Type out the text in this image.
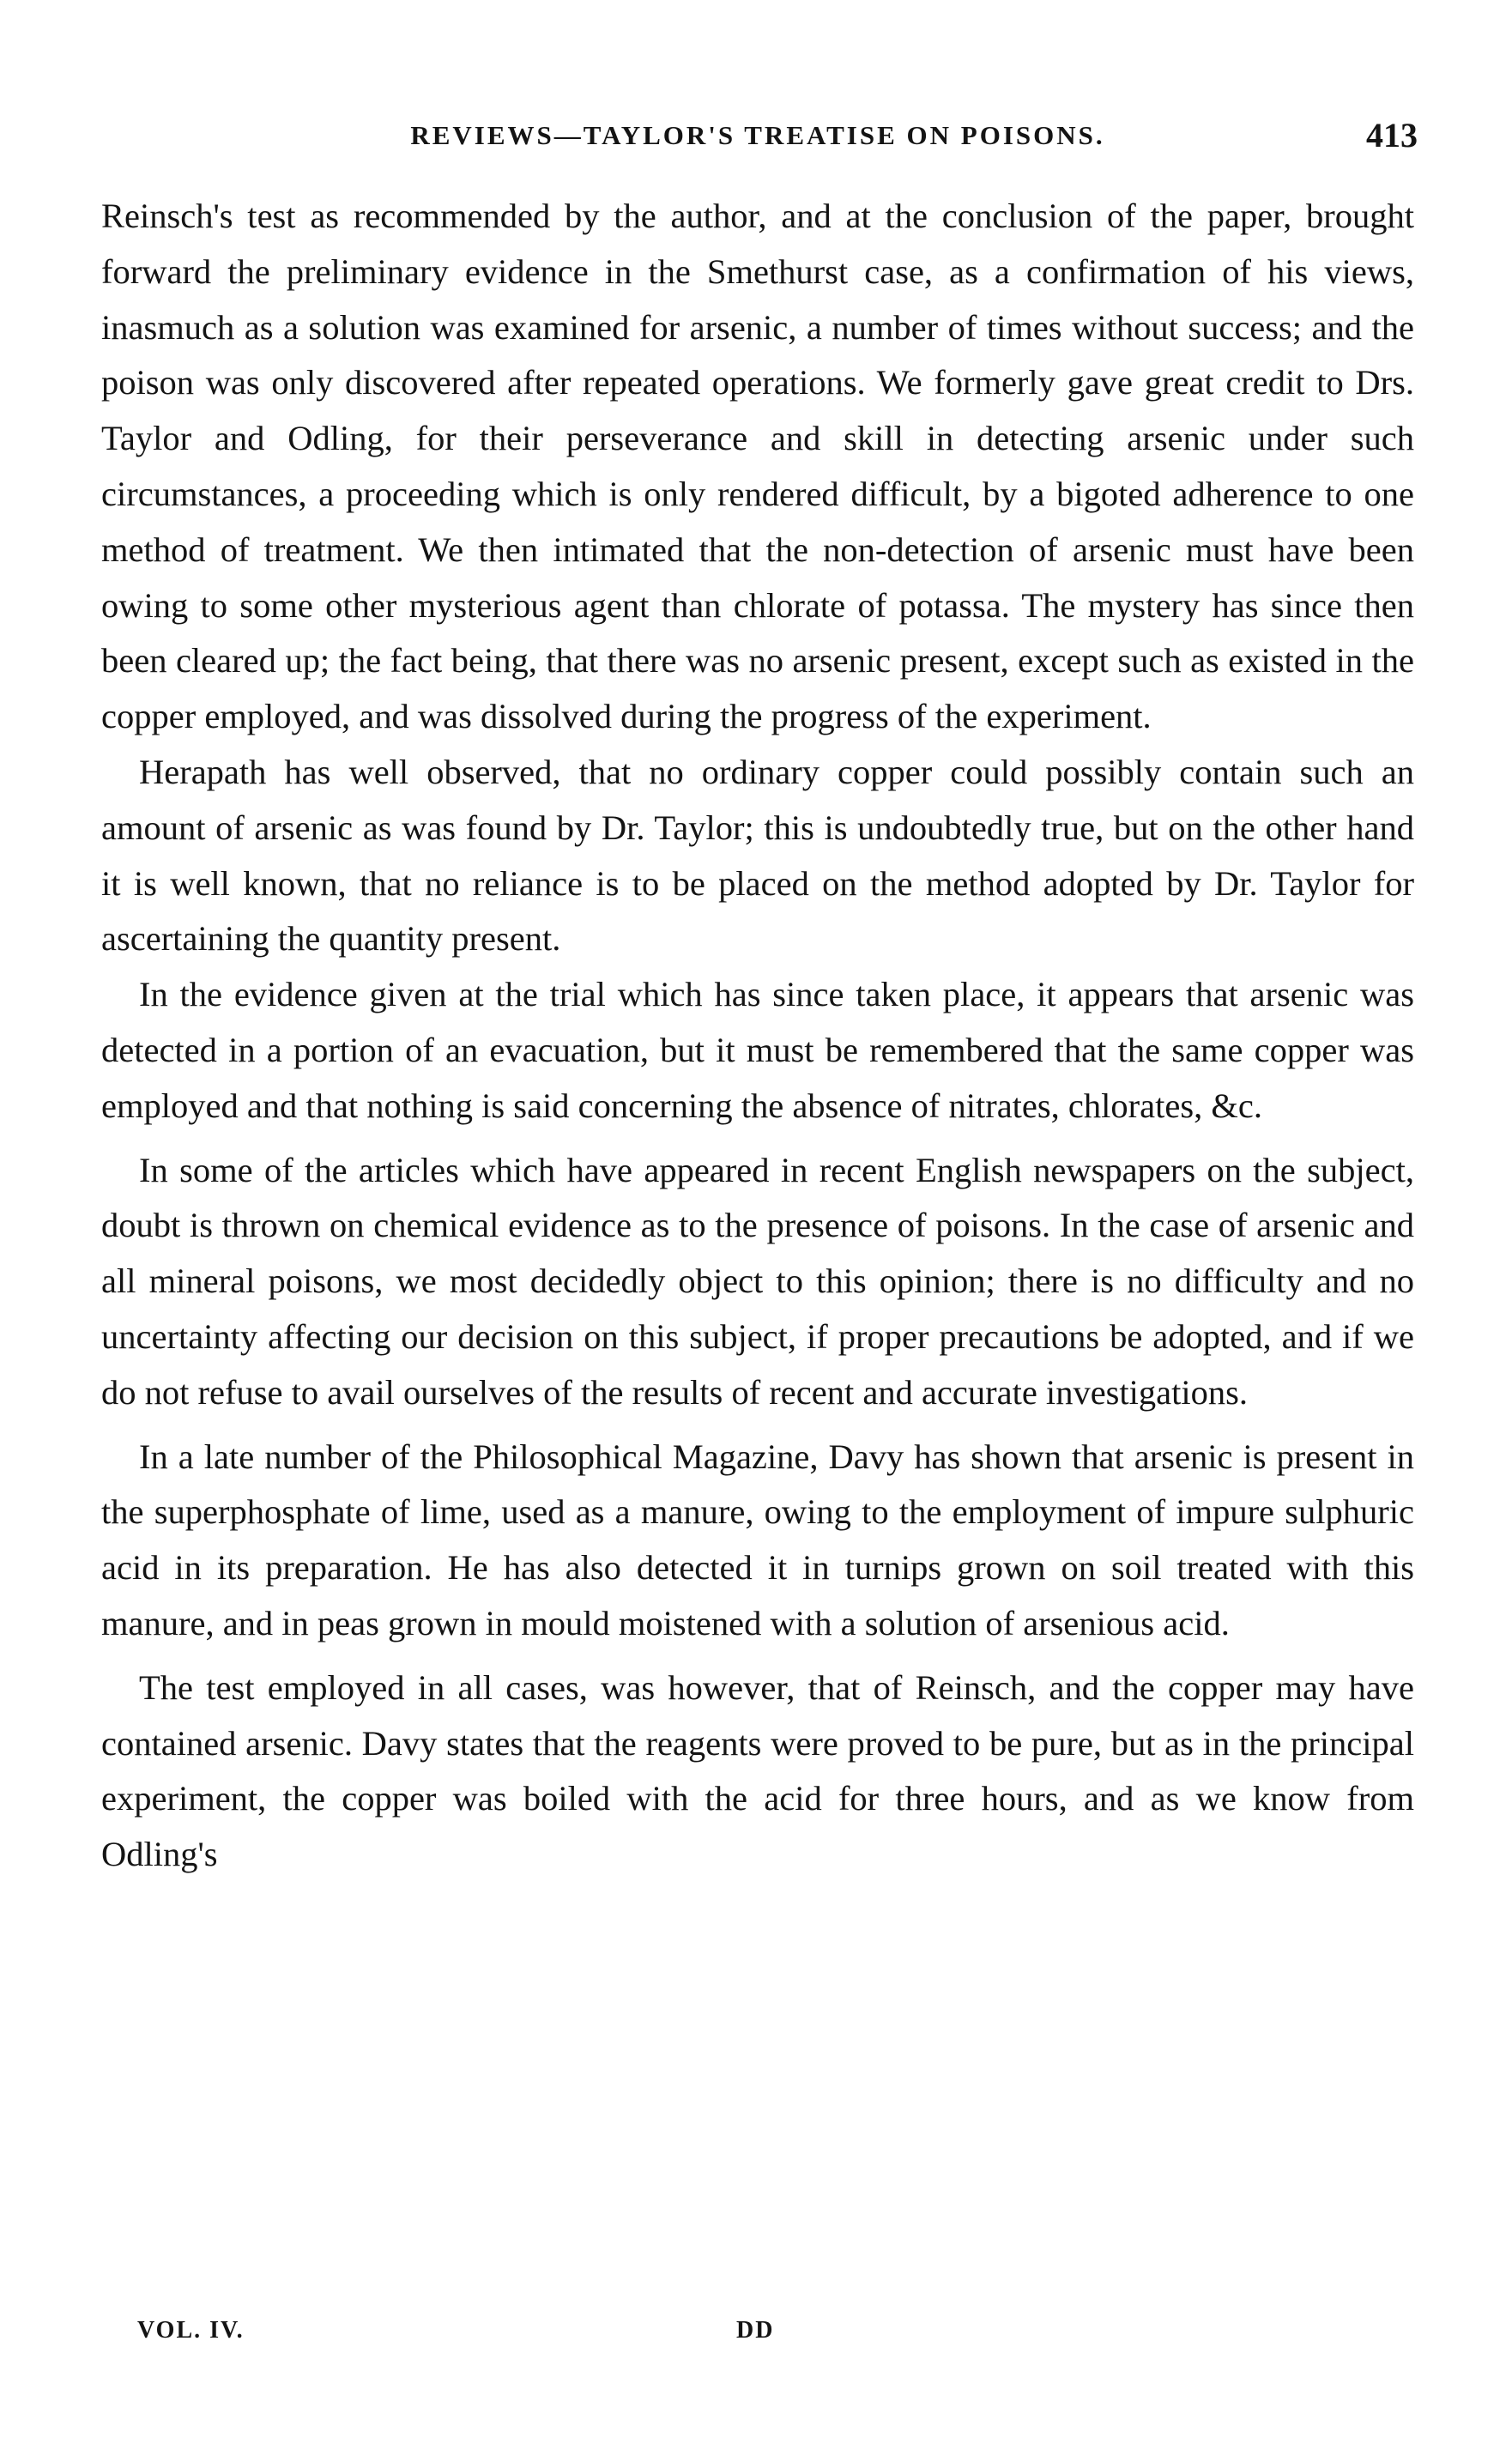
REVIEWS—TAYLOR'S TREATISE ON POISONS.	413

Reinsch's test as recommended by the author, and at the conclusion of the paper, brought forward the preliminary evidence in the Smethurst case, as a confirmation of his views, inasmuch as a solution was examined for arsenic, a number of times without success; and the poison was only discovered after repeated operations. We formerly gave great credit to Drs. Taylor and Odling, for their perseverance and skill in detecting arsenic under such circumstances, a proceeding which is only rendered difficult, by a bigoted adherence to one method of treatment. We then intimated that the non-detection of arsenic must have been owing to some other mysterious agent than chlorate of potassa. The mystery has since then been cleared up; the fact being, that there was no arsenic present, except such as existed in the copper employed, and was dissolved during the progress of the experiment.

Herapath has well observed, that no ordinary copper could possibly contain such an amount of arsenic as was found by Dr. Taylor; this is undoubtedly true, but on the other hand it is well known, that no reliance is to be placed on the method adopted by Dr. Taylor for ascertaining the quantity present.

In the evidence given at the trial which has since taken place, it appears that arsenic was detected in a portion of an evacuation, but it must be remembered that the same copper was employed and that nothing is said concerning the absence of nitrates, chlorates, &c.

In some of the articles which have appeared in recent English newspapers on the subject, doubt is thrown on chemical evidence as to the presence of poisons. In the case of arsenic and all mineral poisons, we most decidedly object to this opinion; there is no difficulty and no uncertainty affecting our decision on this subject, if proper precautions be adopted, and if we do not refuse to avail ourselves of the results of recent and accurate investigations.

In a late number of the Philosophical Magazine, Davy has shown that arsenic is present in the superphosphate of lime, used as a manure, owing to the employment of impure sulphuric acid in its preparation. He has also detected it in turnips grown on soil treated with this manure, and in peas grown in mould moistened with a solution of arsenious acid.

The test employed in all cases, was however, that of Reinsch, and the copper may have contained arsenic. Davy states that the reagents were proved to be pure, but as in the principal experiment, the copper was boiled with the acid for three hours, and as we know from Odling's

VOL. IV.	DD
